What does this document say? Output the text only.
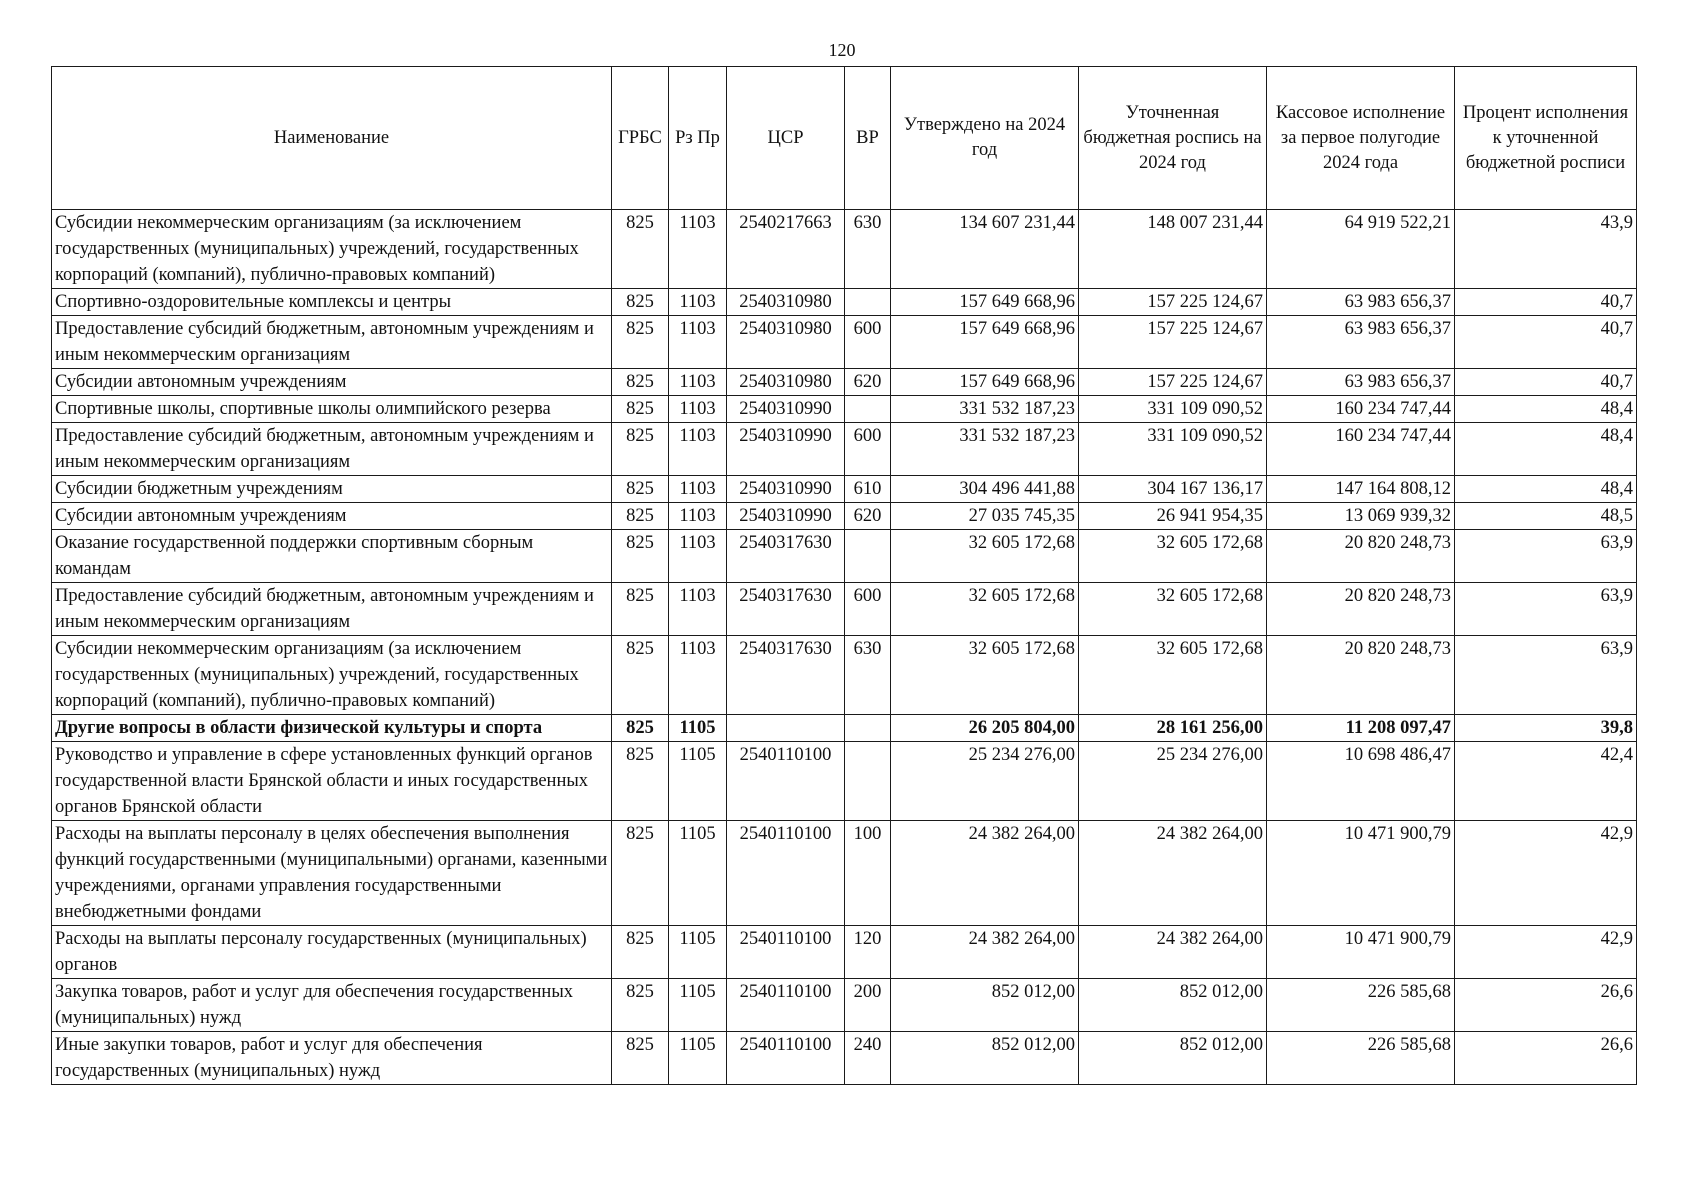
120
Наименование	ГРБС	Рз Пр	ЦСР	ВР	Утверждено на 2024 год	Уточненная бюджетная роспись на 2024 год	Кассовое исполнение за первое полугодие 2024 года	Процент исполнения к уточненной бюджетной росписи
Субсидии некоммерческим организациям (за исключением государственных (муниципальных) учреждений, государственных корпораций (компаний), публично-правовых компаний)	825	1103	2540217663	630	134 607 231,44	148 007 231,44	64 919 522,21	43,9
Спортивно-оздоровительные комплексы и центры	825	1103	2540310980		157 649 668,96	157 225 124,67	63 983 656,37	40,7
Предоставление субсидий бюджетным, автономным учреждениям и иным некоммерческим организациям	825	1103	2540310980	600	157 649 668,96	157 225 124,67	63 983 656,37	40,7
Субсидии автономным учреждениям	825	1103	2540310980	620	157 649 668,96	157 225 124,67	63 983 656,37	40,7
Спортивные школы, спортивные школы олимпийского резерва	825	1103	2540310990		331 532 187,23	331 109 090,52	160 234 747,44	48,4
Предоставление субсидий бюджетным, автономным учреждениям и иным некоммерческим организациям	825	1103	2540310990	600	331 532 187,23	331 109 090,52	160 234 747,44	48,4
Субсидии бюджетным учреждениям	825	1103	2540310990	610	304 496 441,88	304 167 136,17	147 164 808,12	48,4
Субсидии автономным учреждениям	825	1103	2540310990	620	27 035 745,35	26 941 954,35	13 069 939,32	48,5
Оказание государственной поддержки спортивным сборным командам	825	1103	2540317630		32 605 172,68	32 605 172,68	20 820 248,73	63,9
Предоставление субсидий бюджетным, автономным учреждениям и иным некоммерческим организациям	825	1103	2540317630	600	32 605 172,68	32 605 172,68	20 820 248,73	63,9
Субсидии некоммерческим организациям (за исключением государственных (муниципальных) учреждений, государственных корпораций (компаний), публично-правовых компаний)	825	1103	2540317630	630	32 605 172,68	32 605 172,68	20 820 248,73	63,9
Другие вопросы в области физической культуры и спорта	825	1105			26 205 804,00	28 161 256,00	11 208 097,47	39,8
Руководство и управление в сфере установленных функций органов государственной власти Брянской области и иных государственных органов Брянской области	825	1105	2540110100		25 234 276,00	25 234 276,00	10 698 486,47	42,4
Расходы на выплаты персоналу в целях обеспечения выполнения функций государственными (муниципальными) органами, казенными учреждениями, органами управления государственными внебюджетными фондами	825	1105	2540110100	100	24 382 264,00	24 382 264,00	10 471 900,79	42,9
Расходы на выплаты персоналу государственных (муниципальных) органов	825	1105	2540110100	120	24 382 264,00	24 382 264,00	10 471 900,79	42,9
Закупка товаров, работ и услуг для обеспечения государственных (муниципальных) нужд	825	1105	2540110100	200	852 012,00	852 012,00	226 585,68	26,6
Иные закупки товаров, работ и услуг для обеспечения государственных (муниципальных) нужд	825	1105	2540110100	240	852 012,00	852 012,00	226 585,68	26,6
